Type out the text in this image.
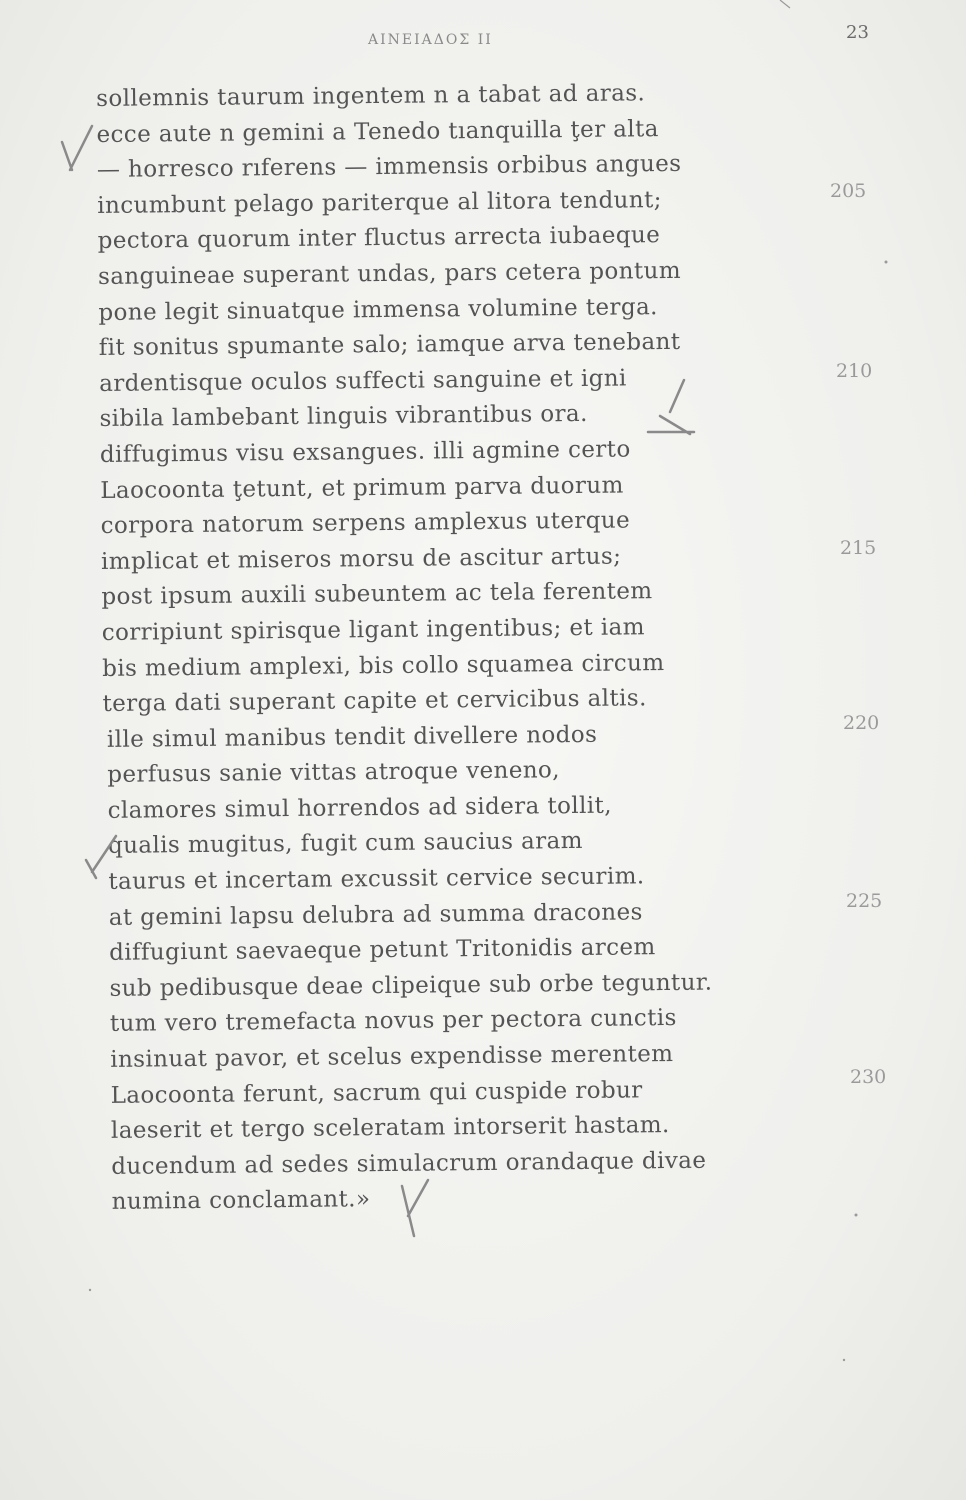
ΑΙΝΕΙΑΔΟΣ II	23
sollemnis taurum ingentem n a tabat ad aras.
ecce aute n gemini a Tenedo tıanquilla ţer alta
— horresco rıferens — immensis orbibus angues
incumbunt pelago pariterque al litora tendunt;
pectora quorum inter fluctus arrecta iubaeque
sanguineae superant undas, pars cetera pontum
pone legit sinuatque immensa volumine terga.
fit sonitus spumante salo; iamque arva tenebant
ardentisque oculos suffecti sanguine et igni
sibila lambebant linguis vibrantibus ora.
diffugimus visu exsangues. illi agmine certo
Laocoonta ţetunt, et primum parva duorum
corpora natorum serpens amplexus uterque
implicat et miseros morsu de ascitur artus;
post ipsum auxili subeuntem ac tela ferentem
corripiunt spirisque ligant ingentibus; et iam
bis medium amplexi, bis collo squamea circum
terga dati superant capite et cervicibus altis.
ille simul manibus tendit divellere nodos
perfusus sanie vittas atroque veneno,
clamores simul horrendos ad sidera tollit,
qualis mugitus, fugit cum saucius aram
taurus et incertam excussit cervice securim.
at gemini lapsu delubra ad summa dracones
diffugiunt saevaeque petunt Tritonidis arcem
sub pedibusque deae clipeique sub orbe teguntur.
tum vero tremefacta novus per pectora cunctis
insinuat pavor, et scelus expendisse merentem
Laocoonta ferunt, sacrum qui cuspide robur
laeserit et tergo sceleratam intorserit hastam.
ducendum ad sedes simulacrum orandaque divae
numina conclamant.»
205
210
215
220
225
230
